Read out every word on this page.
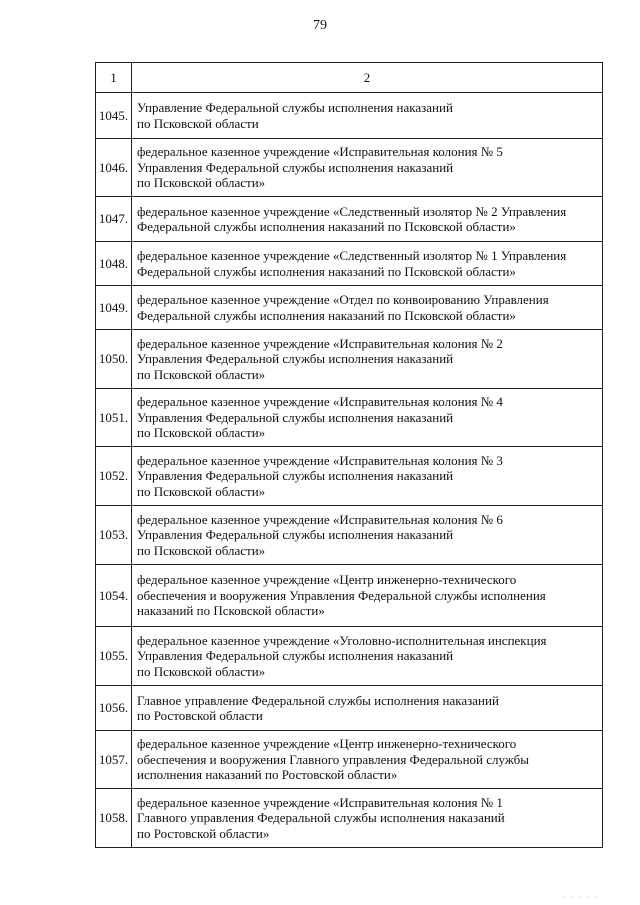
79
1	2
1045.	Управление Федеральной службы исполнения наказаний
по Псковской области
1046.	федеральное казенное учреждение «Исправительная колония № 5
Управления Федеральной службы исполнения наказаний
по Псковской области»
1047.	федеральное казенное учреждение «Следственный изолятор № 2 Управления
Федеральной службы исполнения наказаний по Псковской области»
1048.	федеральное казенное учреждение «Следственный изолятор № 1 Управления
Федеральной службы исполнения наказаний по Псковской области»
1049.	федеральное казенное учреждение «Отдел по конвоированию Управления
Федеральной службы исполнения наказаний по Псковской области»
1050.	федеральное казенное учреждение «Исправительная колония № 2
Управления Федеральной службы исполнения наказаний
по Псковской области»
1051.	федеральное казенное учреждение «Исправительная колония № 4
Управления Федеральной службы исполнения наказаний
по Псковской области»
1052.	федеральное казенное учреждение «Исправительная колония № 3
Управления Федеральной службы исполнения наказаний
по Псковской области»
1053.	федеральное казенное учреждение «Исправительная колония № 6
Управления Федеральной службы исполнения наказаний
по Псковской области»
1054.	федеральное казенное учреждение «Центр инженерно-технического
обеспечения и вооружения Управления Федеральной службы исполнения
наказаний по Псковской области»
1055.	федеральное казенное учреждение «Уголовно-исполнительная инспекция
Управления Федеральной службы исполнения наказаний
по Псковской области»
1056.	Главное управление Федеральной службы исполнения наказаний
по Ростовской области
1057.	федеральное казенное учреждение «Центр инженерно-технического
обеспечения и вооружения Главного управления Федеральной службы
исполнения наказаний по Ростовской области»
1058.	федеральное казенное учреждение «Исправительная колония № 1
Главного управления Федеральной службы исполнения наказаний
по Ростовской области»
. . . . .
